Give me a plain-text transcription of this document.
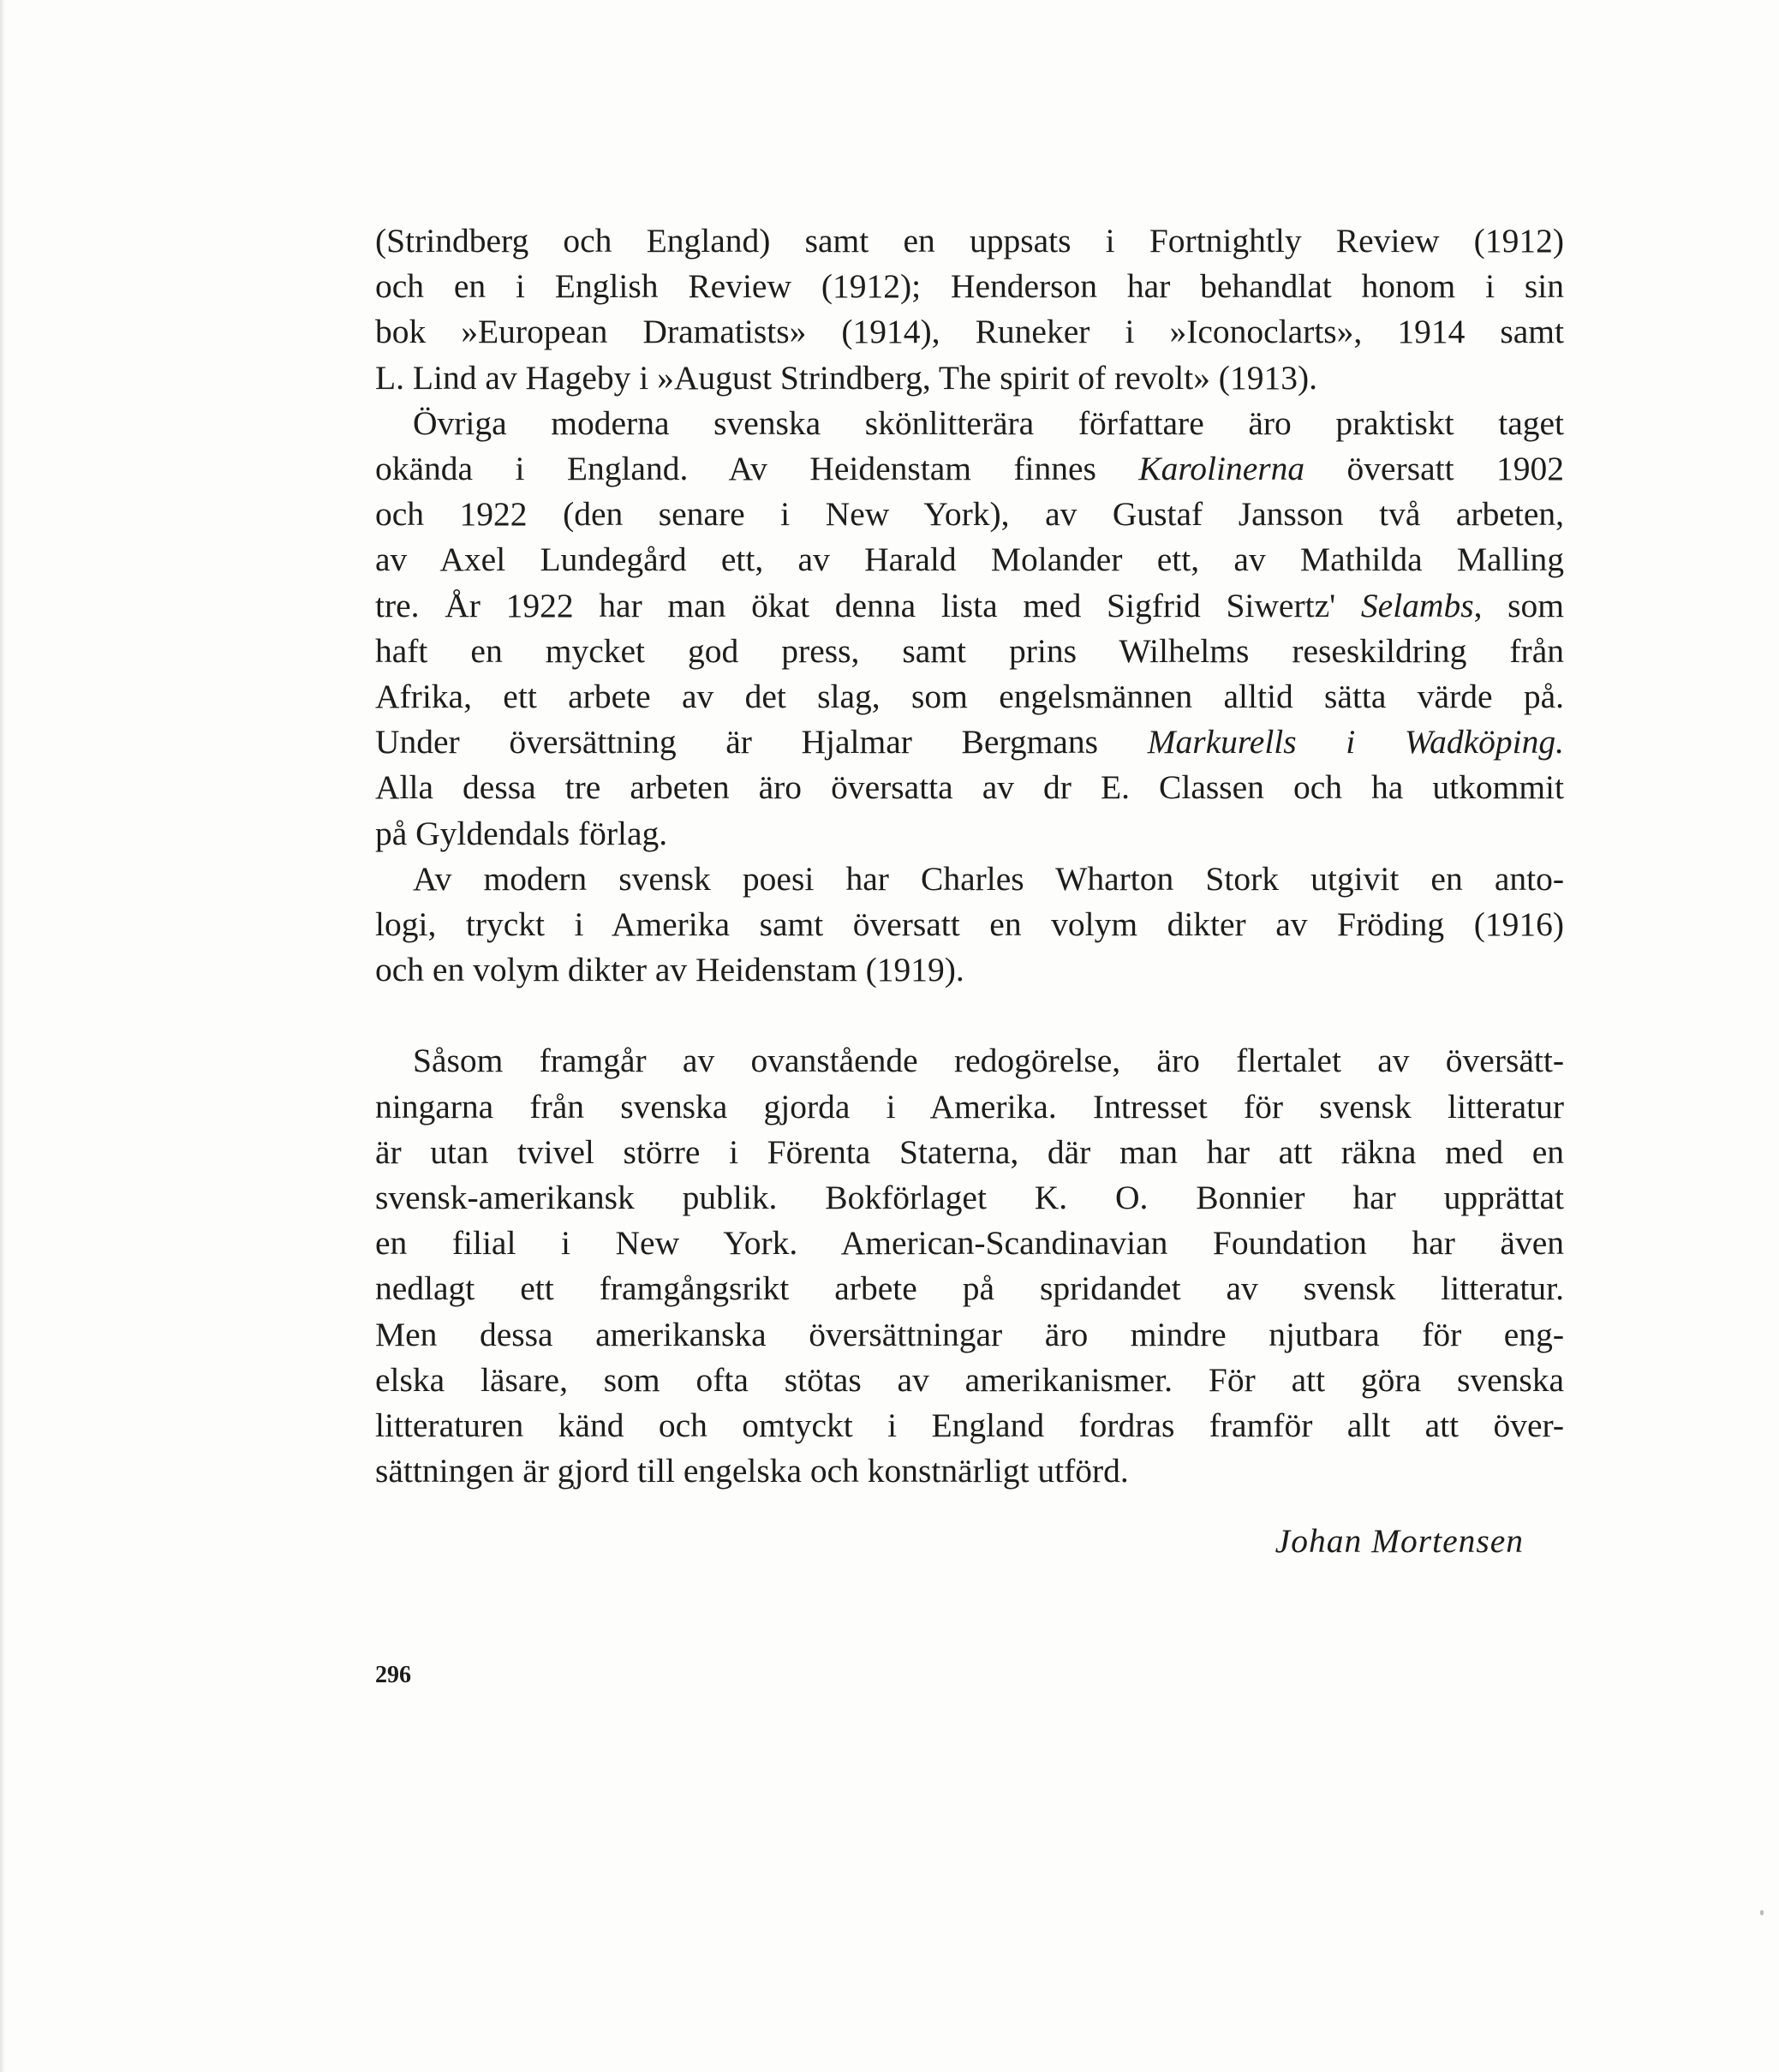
(Strindberg och England) samt en uppsats i Fortnightly Review (1912)
och en i English Review (1912); Henderson har behandlat honom i sin
bok »European Dramatists» (1914), Runeker i »Iconoclarts», 1914 samt
L. Lind av Hageby i »August Strindberg, The spirit of revolt» (1913).

Övriga moderna svenska skönlitterära författare äro praktiskt taget
okända i England. Av Heidenstam finnes Karolinerna översatt 1902
och 1922 (den senare i New York), av Gustaf Jansson två arbeten,
av Axel Lundegård ett, av Harald Molander ett, av Mathilda Malling
tre. År 1922 har man ökat denna lista med Sigfrid Siwertz' Selambs, som
haft en mycket god press, samt prins Wilhelms reseskildring från
Afrika, ett arbete av det slag, som engelsmännen alltid sätta värde på.
Under översättning är Hjalmar Bergmans Markurells i Wadköping.
Alla dessa tre arbeten äro översatta av dr E. Classen och ha utkommit
på Gyldendals förlag.

Av modern svensk poesi har Charles Wharton Stork utgivit en anto-
logi, tryckt i Amerika samt översatt en volym dikter av Fröding (1916)
och en volym dikter av Heidenstam (1919).

Såsom framgår av ovanstående redogörelse, äro flertalet av översätt-
ningarna från svenska gjorda i Amerika. Intresset för svensk litteratur
är utan tvivel större i Förenta Staterna, där man har att räkna med en
svensk-amerikansk publik. Bokförlaget K. O. Bonnier har upprättat
en filial i New York. American-Scandinavian Foundation har även
nedlagt ett framgångsrikt arbete på spridandet av svensk litteratur.
Men dessa amerikanska översättningar äro mindre njutbara för eng-
elska läsare, som ofta stötas av amerikanismer. För att göra svenska
litteraturen känd och omtyckt i England fordras framför allt att över-
sättningen är gjord till engelska och konstnärligt utförd.

Johan Mortensen
296
